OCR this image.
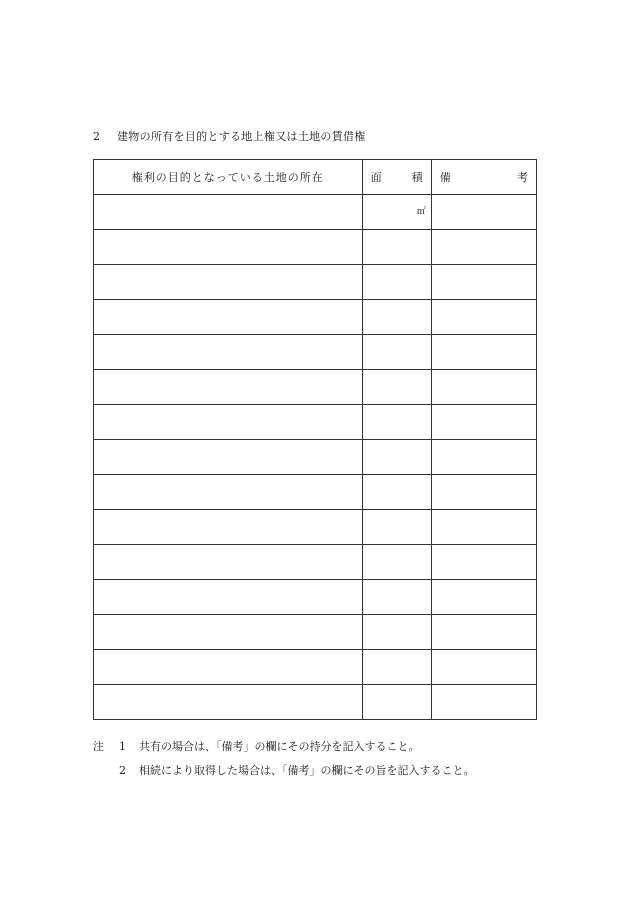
2 建物の所有を目的とする地上権又は土地の賃借権
権利の目的となっている土地の所在	面 積	備 考

	㎡	

注	1	共有の場合は、「備考」の欄にその持分を記入すること。
2	相続により取得した場合は、「備考」の欄にその旨を記入すること。
